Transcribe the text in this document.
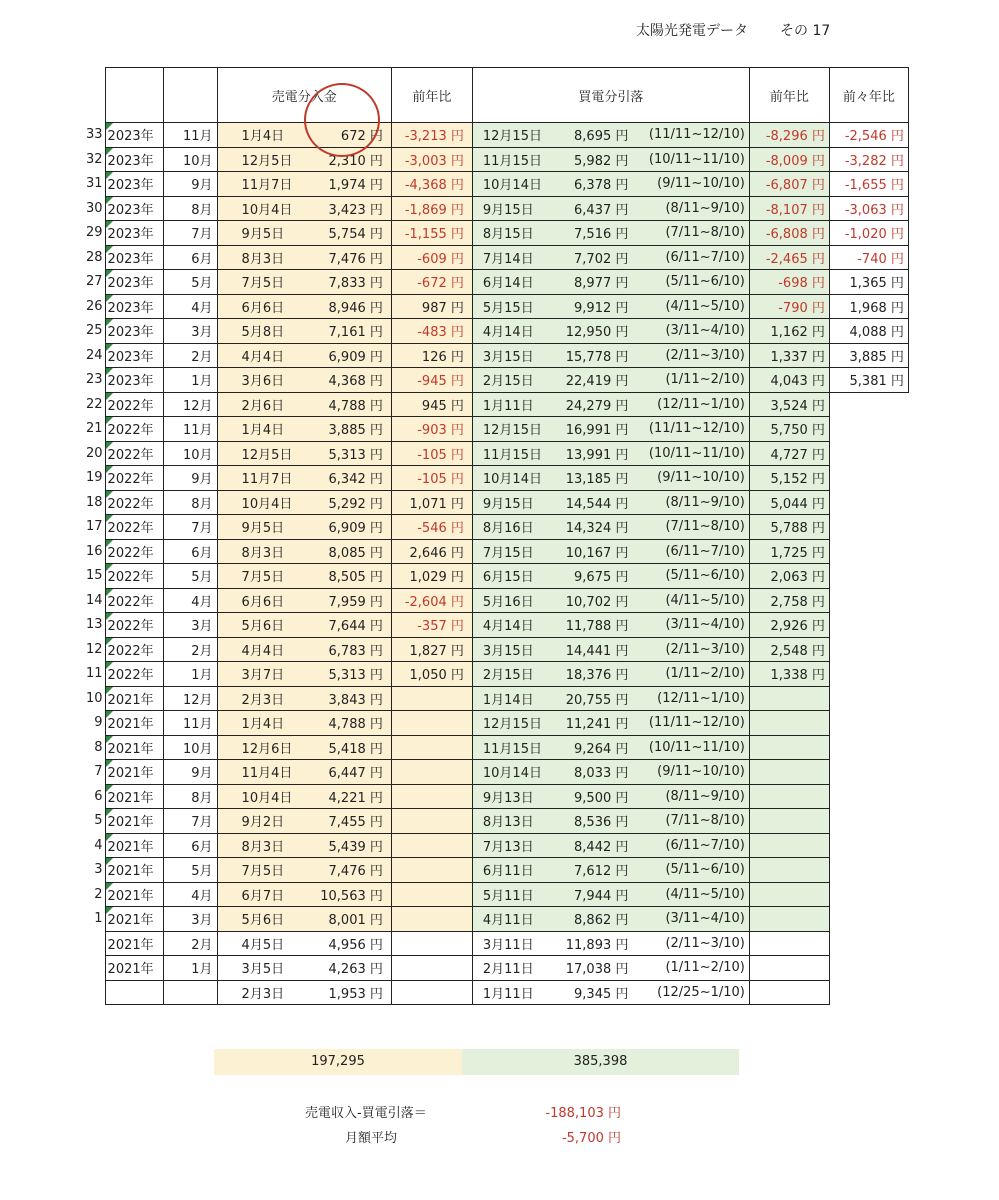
太陽光発電データ その 17
			売電分入金		前年比	買電分引落			前年比	前々年比
33	2023年	11月	1月4日	672 円	-3,213 円	12月15日	8,695 円	(11/11~12/10)	-8,296 円	-2,546 円
32	2023年	10月	12月5日	2,310 円	-3,003 円	11月15日	5,982 円	(10/11~11/10)	-8,009 円	-3,282 円
31	2023年	9月	11月7日	1,974 円	-4,368 円	10月14日	6,378 円	(9/11~10/10)	-6,807 円	-1,655 円
30	2023年	8月	10月4日	3,423 円	-1,869 円	9月15日	6,437 円	(8/11~9/10)	-8,107 円	-3,063 円
29	2023年	7月	9月5日	5,754 円	-1,155 円	8月15日	7,516 円	(7/11~8/10)	-6,808 円	-1,020 円
28	2023年	6月	8月3日	7,476 円	-609 円	7月14日	7,702 円	(6/11~7/10)	-2,465 円	-740 円
27	2023年	5月	7月5日	7,833 円	-672 円	6月14日	8,977 円	(5/11~6/10)	-698 円	1,365 円
26	2023年	4月	6月6日	8,946 円	987 円	5月15日	9,912 円	(4/11~5/10)	-790 円	1,968 円
25	2023年	3月	5月8日	7,161 円	-483 円	4月14日	12,950 円	(3/11~4/10)	1,162 円	4,088 円
24	2023年	2月	4月4日	6,909 円	126 円	3月15日	15,778 円	(2/11~3/10)	1,337 円	3,885 円
23	2023年	1月	3月6日	4,368 円	-945 円	2月15日	22,419 円	(1/11~2/10)	4,043 円	5,381 円
22	2022年	12月	2月6日	4,788 円	945 円	1月11日	24,279 円	(12/11~1/10)	3,524 円	
21	2022年	11月	1月4日	3,885 円	-903 円	12月15日	16,991 円	(11/11~12/10)	5,750 円	
20	2022年	10月	12月5日	5,313 円	-105 円	11月15日	13,991 円	(10/11~11/10)	4,727 円	
19	2022年	9月	11月7日	6,342 円	-105 円	10月14日	13,185 円	(9/11~10/10)	5,152 円	
18	2022年	8月	10月4日	5,292 円	1,071 円	9月15日	14,544 円	(8/11~9/10)	5,044 円	
17	2022年	7月	9月5日	6,909 円	-546 円	8月16日	14,324 円	(7/11~8/10)	5,788 円	
16	2022年	6月	8月3日	8,085 円	2,646 円	7月15日	10,167 円	(6/11~7/10)	1,725 円	
15	2022年	5月	7月5日	8,505 円	1,029 円	6月15日	9,675 円	(5/11~6/10)	2,063 円	
14	2022年	4月	6月6日	7,959 円	-2,604 円	5月16日	10,702 円	(4/11~5/10)	2,758 円	
13	2022年	3月	5月6日	7,644 円	-357 円	4月14日	11,788 円	(3/11~4/10)	2,926 円	
12	2022年	2月	4月4日	6,783 円	1,827 円	3月15日	14,441 円	(2/11~3/10)	2,548 円	
11	2022年	1月	3月7日	5,313 円	1,050 円	2月15日	18,376 円	(1/11~2/10)	1,338 円	
10	2021年	12月	2月3日	3,843 円		1月14日	20,755 円	(12/11~1/10)		
9	2021年	11月	1月4日	4,788 円		12月15日	11,241 円	(11/11~12/10)		
8	2021年	10月	12月6日	5,418 円		11月15日	9,264 円	(10/11~11/10)		
7	2021年	9月	11月4日	6,447 円		10月14日	8,033 円	(9/11~10/10)		
6	2021年	8月	10月4日	4,221 円		9月13日	9,500 円	(8/11~9/10)		
5	2021年	7月	9月2日	7,455 円		8月13日	8,536 円	(7/11~8/10)		
4	2021年	6月	8月3日	5,439 円		7月13日	8,442 円	(6/11~7/10)		
3	2021年	5月	7月5日	7,476 円		6月11日	7,612 円	(5/11~6/10)		
2	2021年	4月	6月7日	10,563 円		5月11日	7,944 円	(4/11~5/10)		
1	2021年	3月	5月6日	8,001 円		4月11日	8,862 円	(3/11~4/10)		
	2021年	2月	4月5日	4,956 円		3月11日	11,893 円	(2/11~3/10)		
	2021年	1月	3月5日	4,263 円		2月11日	17,038 円	(1/11~2/10)		
			2月3日	1,953 円		1月11日	9,345 円	(12/25~1/10)		
197,295	385,398
売電収入-買電引落＝	-188,103 円
月額平均	-5,700 円
